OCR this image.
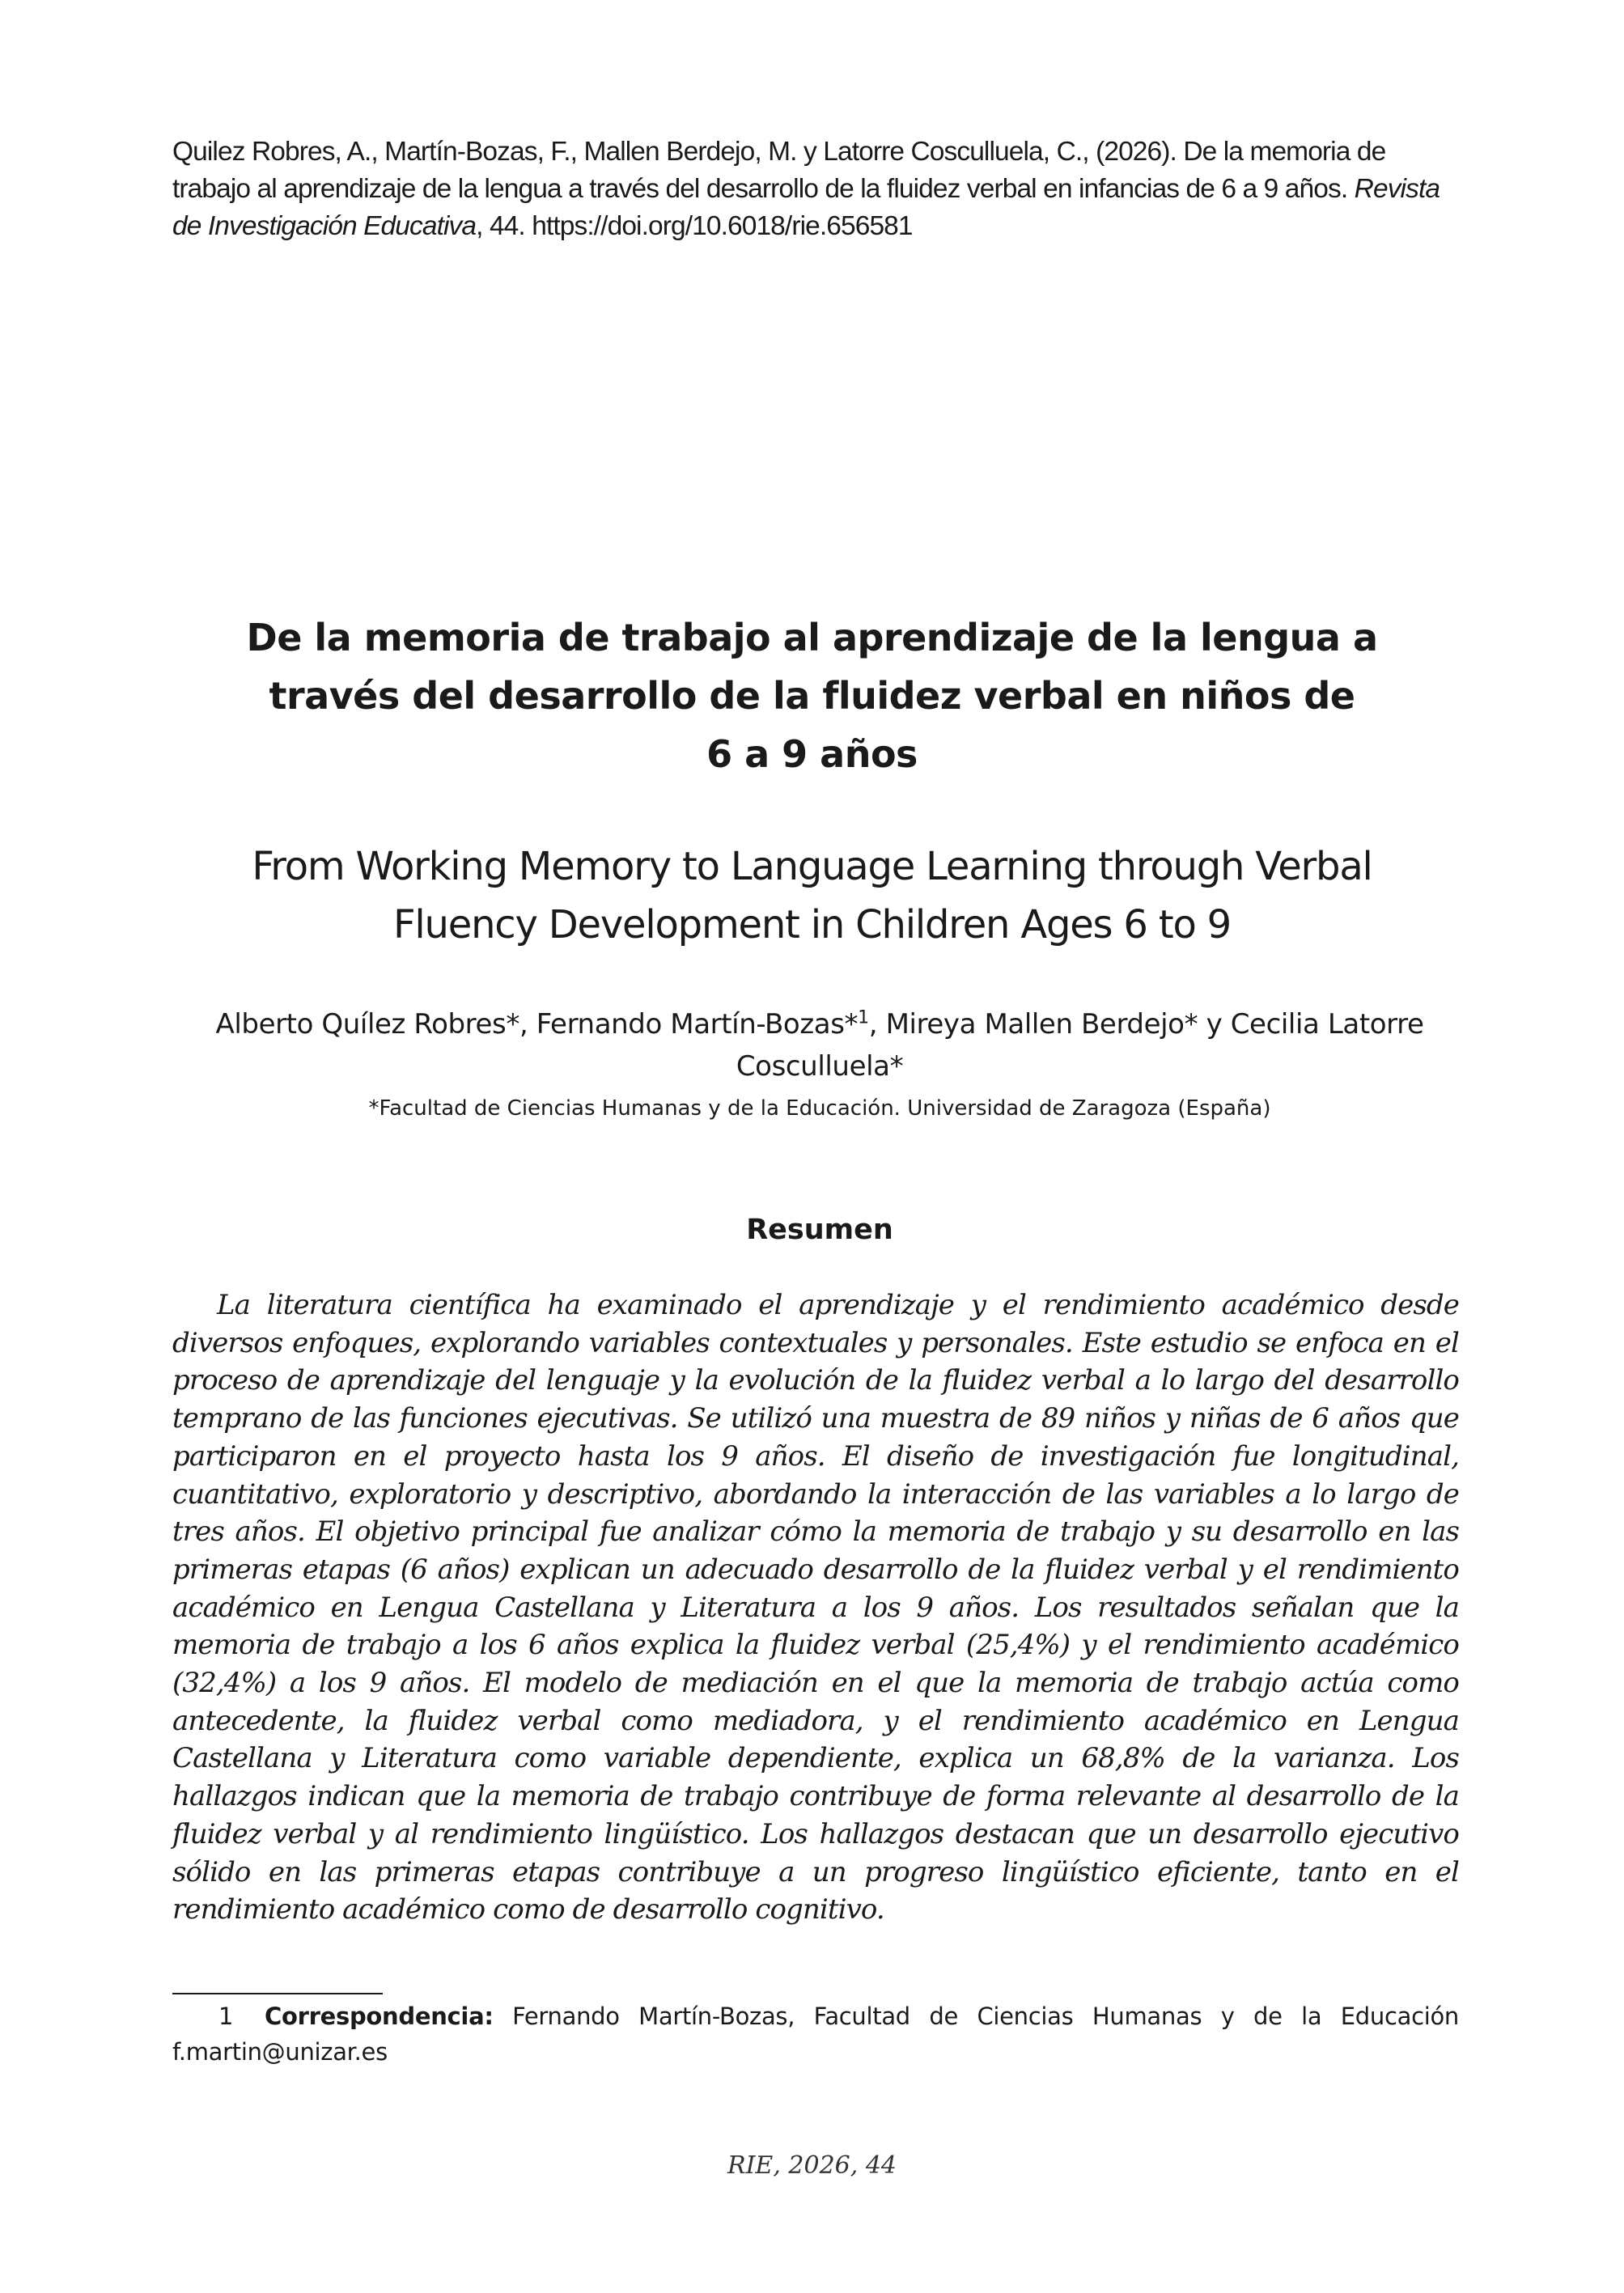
Quilez Robres, A., Martín-Bozas, F., Mallen Berdejo, M. y Latorre Cosculluela, C., (2026). De la memoria de trabajo al aprendizaje de la lengua a través del desarrollo de la fluidez verbal en infancias de 6 a 9 años. Revista de Investigación Educativa, 44. https://doi.org/10.6018/rie.656581
De la memoria de trabajo al aprendizaje de la lengua a
través del desarrollo de la fluidez verbal en niños de
6 a 9 años
From Working Memory to Language Learning through Verbal
Fluency Development in Children Ages 6 to 9
Alberto Quílez Robres*, Fernando Martín-Bozas*$^1$, Mireya Mallen Berdejo* y Cecilia Latorre Cosculluela*
*Facultad de Ciencias Humanas y de la Educación. Universidad de Zaragoza (España)
Resumen
La literatura científica ha examinado el aprendizaje y el rendimiento académico desde diversos enfoques, explorando variables contextuales y personales. Este estudio se enfoca en el proceso de aprendizaje del lenguaje y la evolución de la fluidez verbal a lo largo del desarrollo temprano de las funciones ejecutivas. Se utilizó una muestra de 89 niños y niñas de 6 años que participaron en el proyecto hasta los 9 años. El diseño de investigación fue longitudinal, cuantitativo, exploratorio y descriptivo, abordando la interacción de las variables a lo largo de tres años. El objetivo principal fue analizar cómo la memoria de trabajo y su desarrollo en las primeras etapas (6 años) explican un adecuado desarrollo de la fluidez verbal y el rendimiento académico en Lengua Castellana y Literatura a los 9 años. Los resultados señalan que la memoria de trabajo a los 6 años explica la fluidez verbal (25,4%) y el rendimiento académico (32,4%) a los 9 años. El modelo de mediación en el que la memoria de trabajo actúa como antecedente, la fluidez verbal como mediadora, y el rendimiento académico en Lengua Castellana y Literatura como variable dependiente, explica un 68,8% de la varianza. Los hallazgos indican que la memoria de trabajo contribuye de forma relevante al desarrollo de la fluidez verbal y al rendimiento lingüístico. Los hallazgos destacan que un desarrollo ejecutivo sólido en las primeras etapas contribuye a un progreso lingüístico eficiente, tanto en el rendimiento académico como de desarrollo cognitivo.
1 Correspondencia: Fernando Martín-Bozas, Facultad de Ciencias Humanas y de la Educación f.martin@unizar.es
RIE, 2026, 44
